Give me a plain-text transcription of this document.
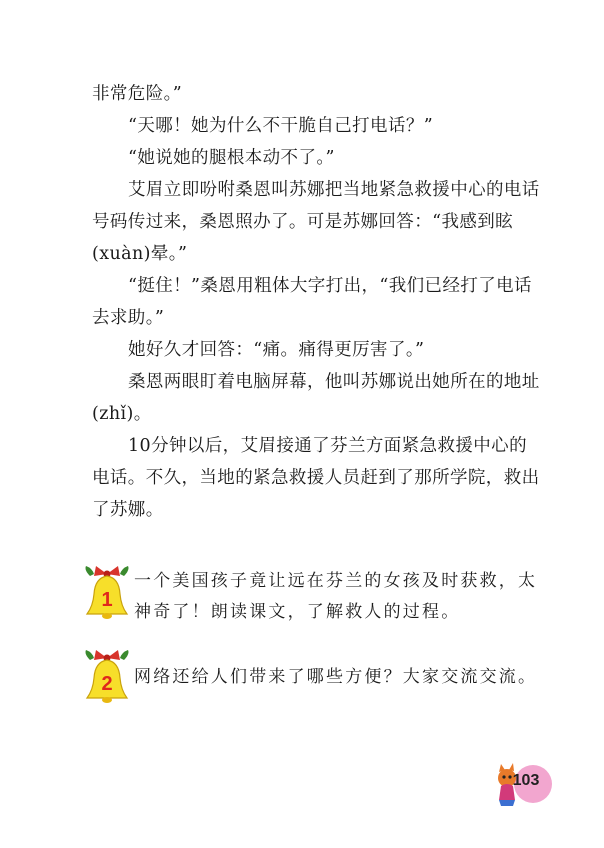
非常危险。”

“天哪！她为什么不干脆自己打电话？”

“她说她的腿根本动不了。”

艾眉立即吩咐桑恩叫苏娜把当地紧急救援中心的电话号码传过来，桑恩照办了。可是苏娜回答：“我感到眩(xuàn)晕。”

“挺住！”桑恩用粗体大字打出，“我们已经打了电话去求助。”

她好久才回答：“痛。痛得更厉害了。”

桑恩两眼盯着电脑屏幕，他叫苏娜说出她所在的地址(zhǐ)。

10分钟以后，艾眉接通了芬兰方面紧急救援中心的电话。不久，当地的紧急救援人员赶到了那所学院，救出了苏娜。

1

一个美国孩子竟让远在芬兰的女孩及时获救，太神奇了！朗读课文，了解救人的过程。

2 网络还给人们带来了哪些方便？大家交流交流。

103
